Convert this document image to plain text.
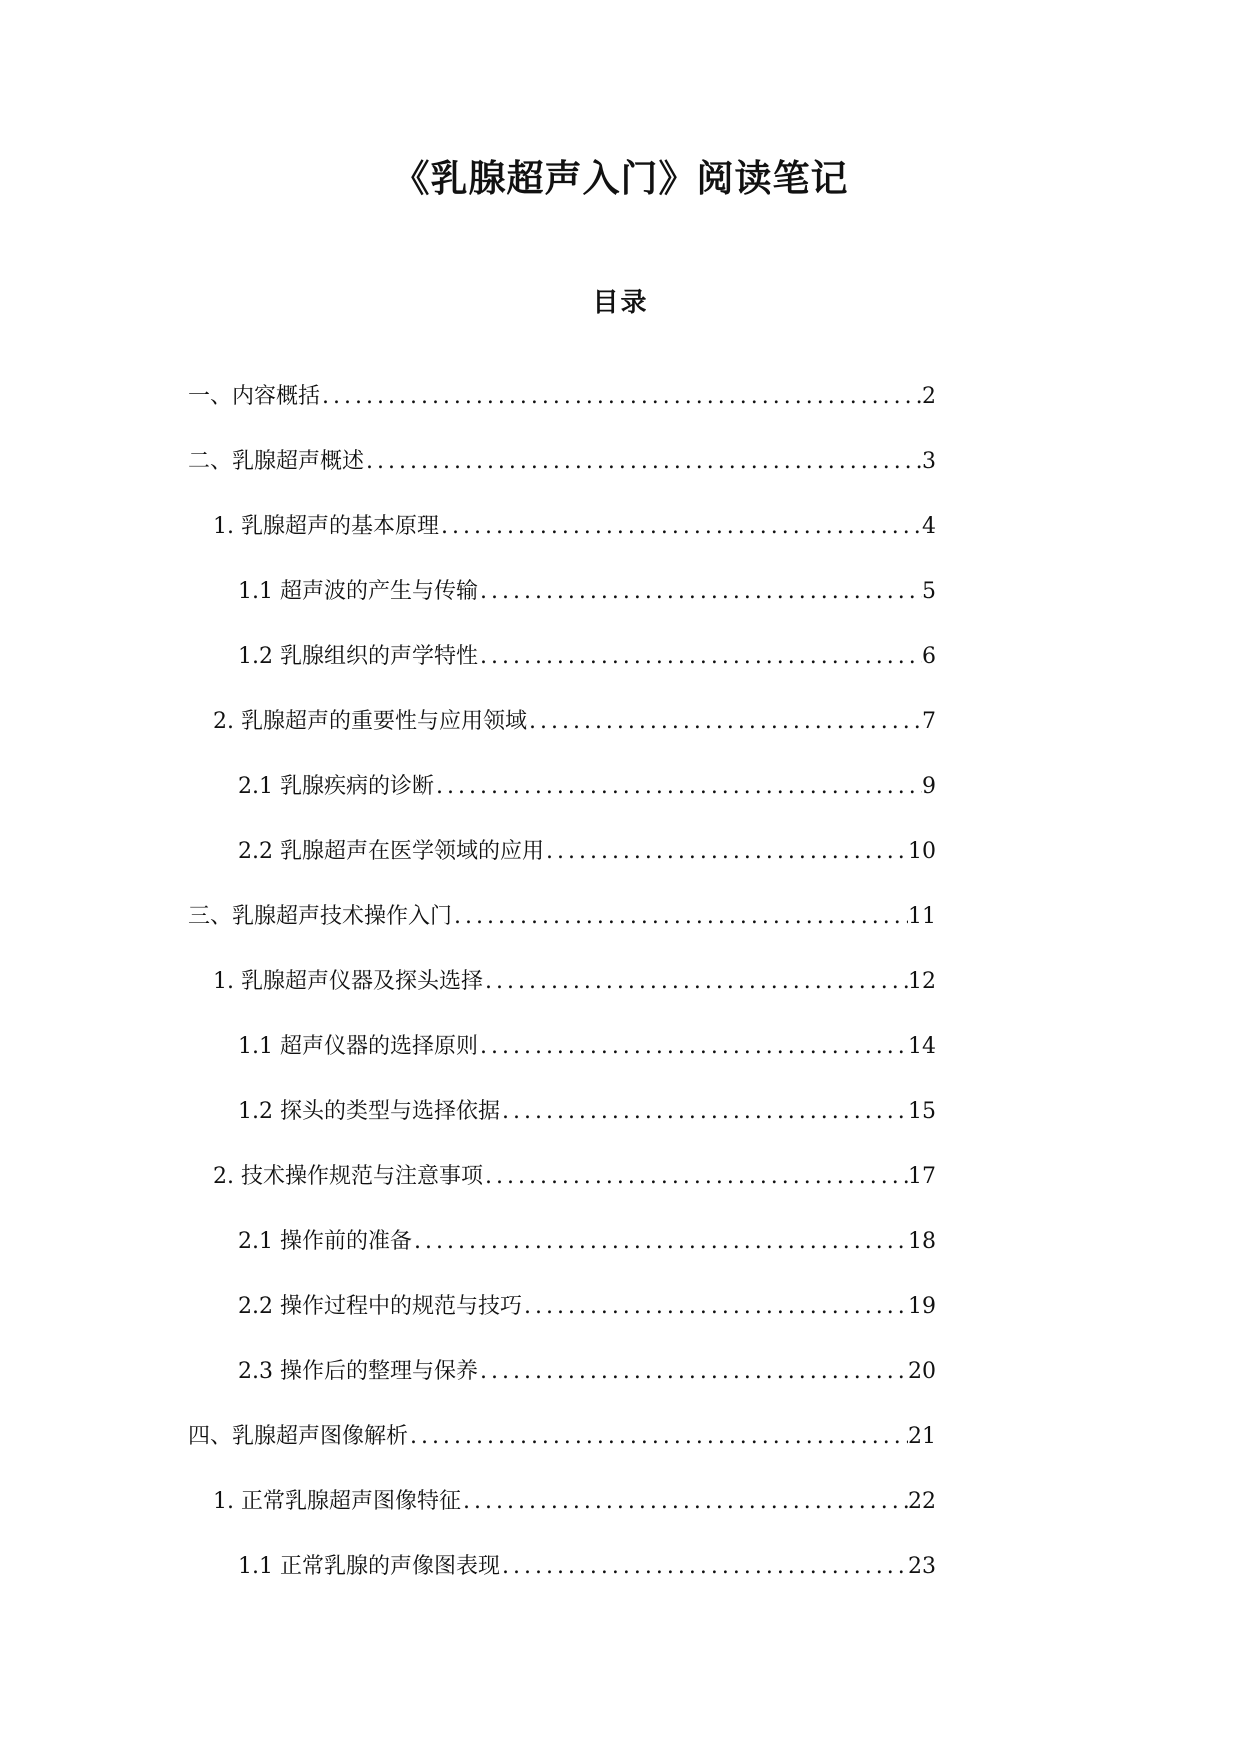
《乳腺超声入门》阅读笔记
目录
一、内容概括 .....	2
二、乳腺超声概述 .....	3
1. 乳腺超声的基本原理 .....	4
1.1 超声波的产生与传输 .....	5
1.2 乳腺组织的声学特性 .....	6
2. 乳腺超声的重要性与应用领域 .....	7
2.1 乳腺疾病的诊断 .....	9
2.2 乳腺超声在医学领域的应用 .....	10
三、乳腺超声技术操作入门 .....	11
1. 乳腺超声仪器及探头选择 .....	12
1.1 超声仪器的选择原则 .....	14
1.2 探头的类型与选择依据 .....	15
2. 技术操作规范与注意事项 .....	17
2.1 操作前的准备 .....	18
2.2 操作过程中的规范与技巧 .....	19
2.3 操作后的整理与保养 .....	20
四、乳腺超声图像解析 .....	21
1. 正常乳腺超声图像特征 .....	22
1.1 正常乳腺的声像图表现 .....	23
